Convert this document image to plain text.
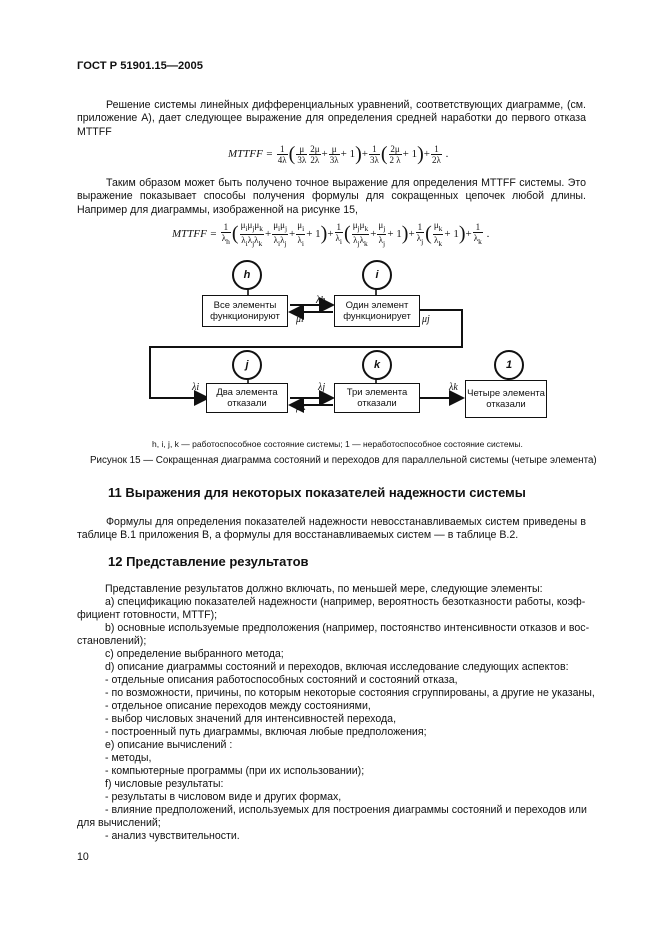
ГОСТ Р 51901.15—2005
Решение системы линейных дифференциальных уравнений, соответствующих диаграмме, (см. приложение А), дает следующее выражение для определения средней наработки до первого отказа MTTFF
MTTFF = $\frac{1}{4\lambda}$ ( $\frac{\mu}{3\lambda} \frac{2\mu}{2\lambda} + \frac{\mu}{3\lambda} + 1)+ \frac{1}{3\lambda}$ ( $\frac{2\mu}{2 \lambda} + 1)+ \frac{1}{2\lambda}$ .
Таким образом может быть получено точное выражение для определения MTTFF системы. Это выражение показывает способы получения формулы для сокращенных цепочек любой длины. Например для диаграммы, изображенной на рисунке 15,
MTTFF = $\frac{1}{\lambda_h}$ ( $\frac{\mu_i\mu_j\mu_k}{\lambda_i\lambda_j\lambda_k} + \frac{\mu_i\mu_j}{\lambda_i\lambda_j} + \frac{\mu_i}{\lambda_i} + 1)+ \frac{1}{\lambda_i}$ ( $\frac{\mu_j\mu_k}{\lambda_j\lambda_k} + \frac{\mu_j}{\lambda_j} + 1)+ \frac{1}{\lambda_j}$ ( $\frac{\mu_k}{\lambda_k} + 1)+ \frac{1}{\lambda_k}$ .
h	i
Все элементы функционируют
Один элемент функционирует
j	k	1
Два элемента отказали
Три элемента отказали
Четыре элемента отказали
λh
μi	μj
λi	λj
μk
λk
h, i, j, k — работоспособное состояние системы; 1 — неработоспособное состояние системы.
Рисунок 15 — Сокращенная диаграмма состояний и переходов для параллельной системы (четыре элемента)
11 Выражения для некоторых показателей надежности системы
Формулы для определения показателей надежности невосстанавливаемых систем приведены в таблице В.1 приложения В, а формулы для восстанавливаемых систем — в таблице В.2.
12 Представление результатов
Представление результатов должно включать, по меньшей мере, следующие элементы:
а) спецификацию показателей надежности (например, вероятность безотказности работы, коэф-
фициент готовности, MTTF);
b) основные используемые предположения (например, постоянство интенсивности отказов и вос-
становлений);
c) определение выбранного метода;
d) описание диаграммы состояний и переходов, включая исследование следующих аспектов:
- отдельные описания работоспособных состояний и состояний отказа,
- по возможности, причины, по которым некоторые состояния сгруппированы, а другие не указаны,
- отдельное описание переходов между состояниями,
- выбор числовых значений для интенсивностей перехода,
- построенный путь диаграммы, включая любые предположения;
e) описание вычислений :
- методы,
- компьютерные программы (при их использовании);
f) числовые результаты:
- результаты в числовом виде и других формах,
- влияние предположений, используемых для построения диаграммы состояний и переходов или
для вычислений;
- анализ чувствительности.
10
